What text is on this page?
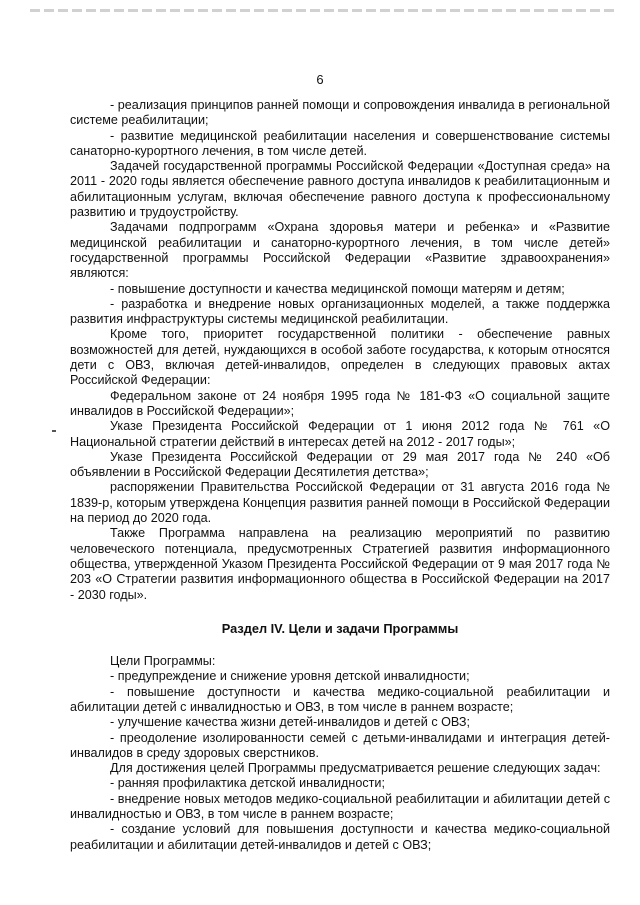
6

- реализация принципов ранней помощи и сопровождения инвалида в региональной системе реабилитации;

- развитие медицинской реабилитации населения и совершенствование системы санаторно-курортного лечения, в том числе детей.

Задачей государственной программы Российской Федерации «Доступная среда» на 2011 - 2020 годы является обеспечение равного доступа инвалидов к реабилитационным и абилитационным услугам, включая обеспечение равного доступа к профессиональному развитию и трудоустройству.

Задачами подпрограмм «Охрана здоровья матери и ребенка» и «Развитие медицинской реабилитации и санаторно-курортного лечения, в том числе детей» государственной программы Российской Федерации «Развитие здравоохранения» являются:

- повышение доступности и качества медицинской помощи матерям и детям;

- разработка и внедрение новых организационных моделей, а также поддержка развития инфраструктуры системы медицинской реабилитации.

Кроме того, приоритет государственной политики - обеспечение равных возможностей для детей, нуждающихся в особой заботе государства, к которым относятся дети с ОВЗ, включая детей-инвалидов, определен в следующих правовых актах Российской Федерации:

Федеральном законе от 24 ноября 1995 года № 181-ФЗ «О социальной защите инвалидов в Российской Федерации»;

Указе Президента Российской Федерации от 1 июня 2012 года № 761 «О Национальной стратегии действий в интересах детей на 2012 - 2017 годы»;

Указе Президента Российской Федерации от 29 мая 2017 года № 240 «Об объявлении в Российской Федерации Десятилетия детства»;

распоряжении Правительства Российской Федерации от 31 августа 2016 года № 1839-р, которым утверждена Концепция развития ранней помощи в Российской Федерации на период до 2020 года.

Также Программа направлена на реализацию мероприятий по развитию человеческого потенциала, предусмотренных Стратегией развития информационного общества, утвержденной Указом Президента Российской Федерации от 9 мая 2017 года № 203 «О Стратегии развития информационного общества в Российской Федерации на 2017 - 2030 годы».

Раздел IV. Цели и задачи Программы

Цели Программы:

- предупреждение и снижение уровня детской инвалидности;

- повышение доступности и качества медико-социальной реабилитации и абилитации детей с инвалидностью и ОВЗ, в том числе в раннем возрасте;

- улучшение качества жизни детей-инвалидов и детей с ОВЗ;

- преодоление изолированности семей с детьми-инвалидами и интеграция детей-инвалидов в среду здоровых сверстников.

Для достижения целей Программы предусматривается решение следующих задач:

- ранняя профилактика детской инвалидности;

- внедрение новых методов медико-социальной реабилитации и абилитации детей с инвалидностью и ОВЗ, в том числе в раннем возрасте;

- создание условий для повышения доступности и качества медико-социальной реабилитации и абилитации детей-инвалидов и детей с ОВЗ;
